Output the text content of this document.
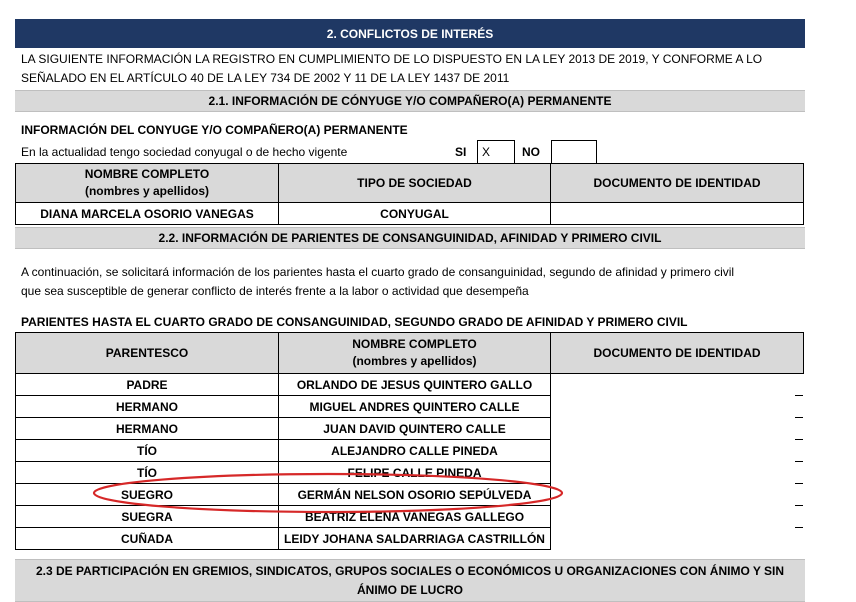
2. CONFLICTOS DE INTERÉS
LA SIGUIENTE INFORMACIÓN LA REGISTRO EN CUMPLIMIENTO DE LO DISPUESTO EN LA LEY 2013 DE 2019, Y CONFORME A LO
SEÑALADO EN EL ARTÍCULO 40 DE LA LEY 734 DE 2002 Y 11 DE LA LEY 1437 DE 2011
2.1. INFORMACIÓN DE CÓNYUGE Y/O COMPAÑERO(A) PERMANENTE
INFORMACIÓN DEL CONYUGE Y/O COMPAÑERO(A) PERMANENTE
En la actualidad tengo sociedad conyugal o de hecho vigente	SI	X	NO
NOMBRE COMPLETO
(nombres y apellidos)	TIPO DE SOCIEDAD	DOCUMENTO DE IDENTIDAD
DIANA MARCELA OSORIO VANEGAS	CONYUGAL	
2.2. INFORMACIÓN DE PARIENTES DE CONSANGUINIDAD, AFINIDAD Y PRIMERO CIVIL
A continuación, se solicitará información de los parientes hasta el cuarto grado de consanguinidad, segundo de afinidad y primero civil
que sea susceptible de generar conflicto de interés frente a la labor o actividad que desempeña
PARIENTES HASTA EL CUARTO GRADO DE CONSANGUINIDAD, SEGUNDO GRADO DE AFINIDAD Y PRIMERO CIVIL
PARENTESCO	NOMBRE COMPLETO
(nombres y apellidos)	DOCUMENTO DE IDENTIDAD
PADRE	ORLANDO DE JESUS QUINTERO GALLO	
HERMANO	MIGUEL ANDRES QUINTERO CALLE	
HERMANO	JUAN DAVID QUINTERO CALLE	
TÍO	ALEJANDRO CALLE PINEDA	
TÍO	FELIPE CALLE PINEDA	
SUEGRO	GERMÁN NELSON OSORIO SEPÚLVEDA	
SUEGRA	BEATRIZ ELENA VANEGAS GALLEGO	
CUÑADA	LEIDY JOHANA SALDARRIAGA CASTRILLÓN	
2.3 DE PARTICIPACIÓN EN GREMIOS, SINDICATOS, GRUPOS SOCIALES O ECONÓMICOS U ORGANIZACIONES CON ÁNIMO Y SIN
ÁNIMO DE LUCRO
